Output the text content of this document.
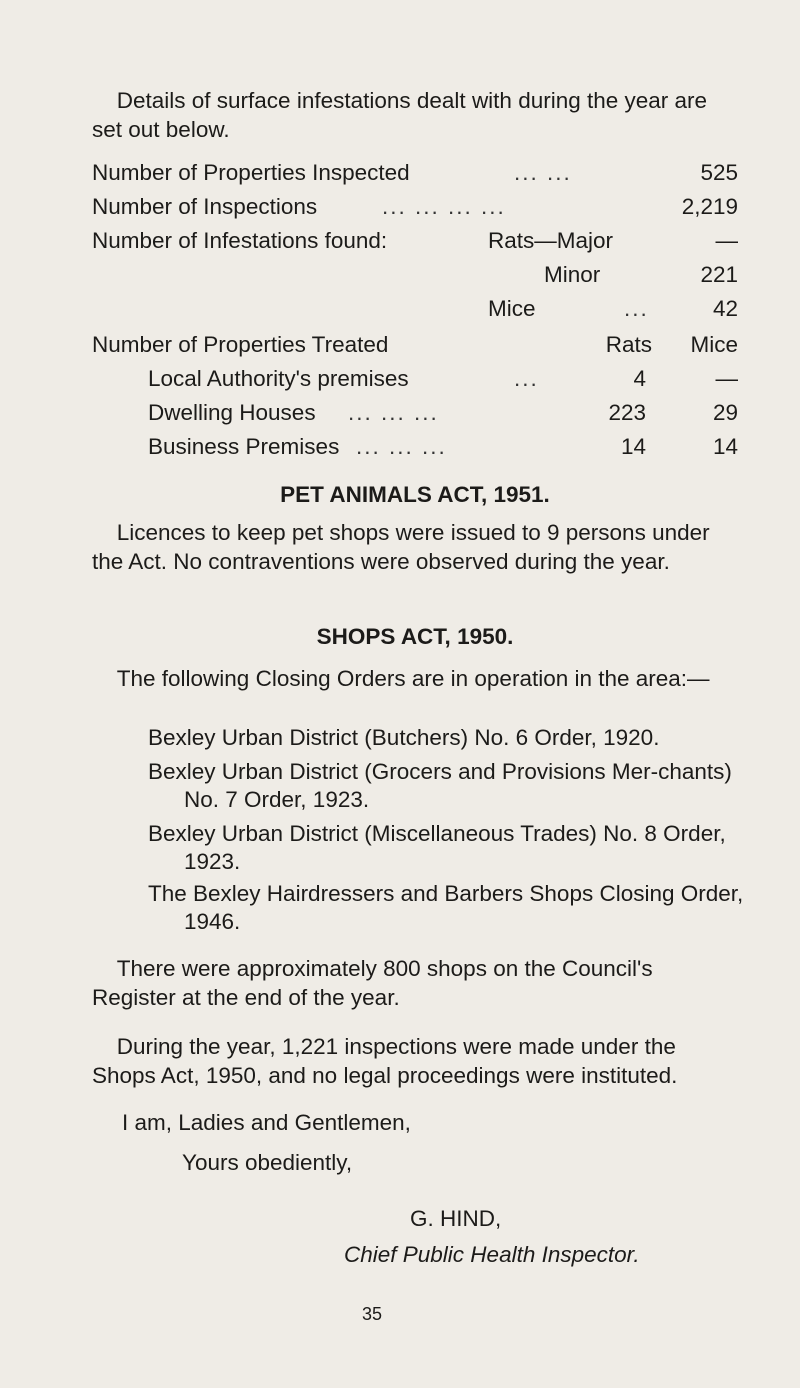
Details of surface infestations dealt with during the year are set out below.
Number of Properties Inspected	... ...	525
Number of Inspections	... ... ... ...	2,219
Number of Infestations found:	Rats—Major	—
Minor	221
Mice	...	42
Number of Properties Treated	Rats Mice
Local Authority's premises	...	4	—
Dwelling Houses ... ... ...	223	29
Business Premises ... ... ...	14	14
PET ANIMALS ACT, 1951.
Licences to keep pet shops were issued to 9 persons under the Act. No contraventions were observed during the year.
SHOPS ACT, 1950.
The following Closing Orders are in operation in the area:—
Bexley Urban District (Butchers) No. 6 Order, 1920.
Bexley Urban District (Grocers and Provisions Mer-chants) No. 7 Order, 1923.
Bexley Urban District (Miscellaneous Trades) No. 8 Order, 1923.
The Bexley Hairdressers and Barbers Shops Closing Order, 1946.
There were approximately 800 shops on the Council's Register at the end of the year.
During the year, 1,221 inspections were made under the Shops Act, 1950, and no legal proceedings were instituted.
I am, Ladies and Gentlemen,
Yours obediently,
G. HIND,
Chief Public Health Inspector.
35
